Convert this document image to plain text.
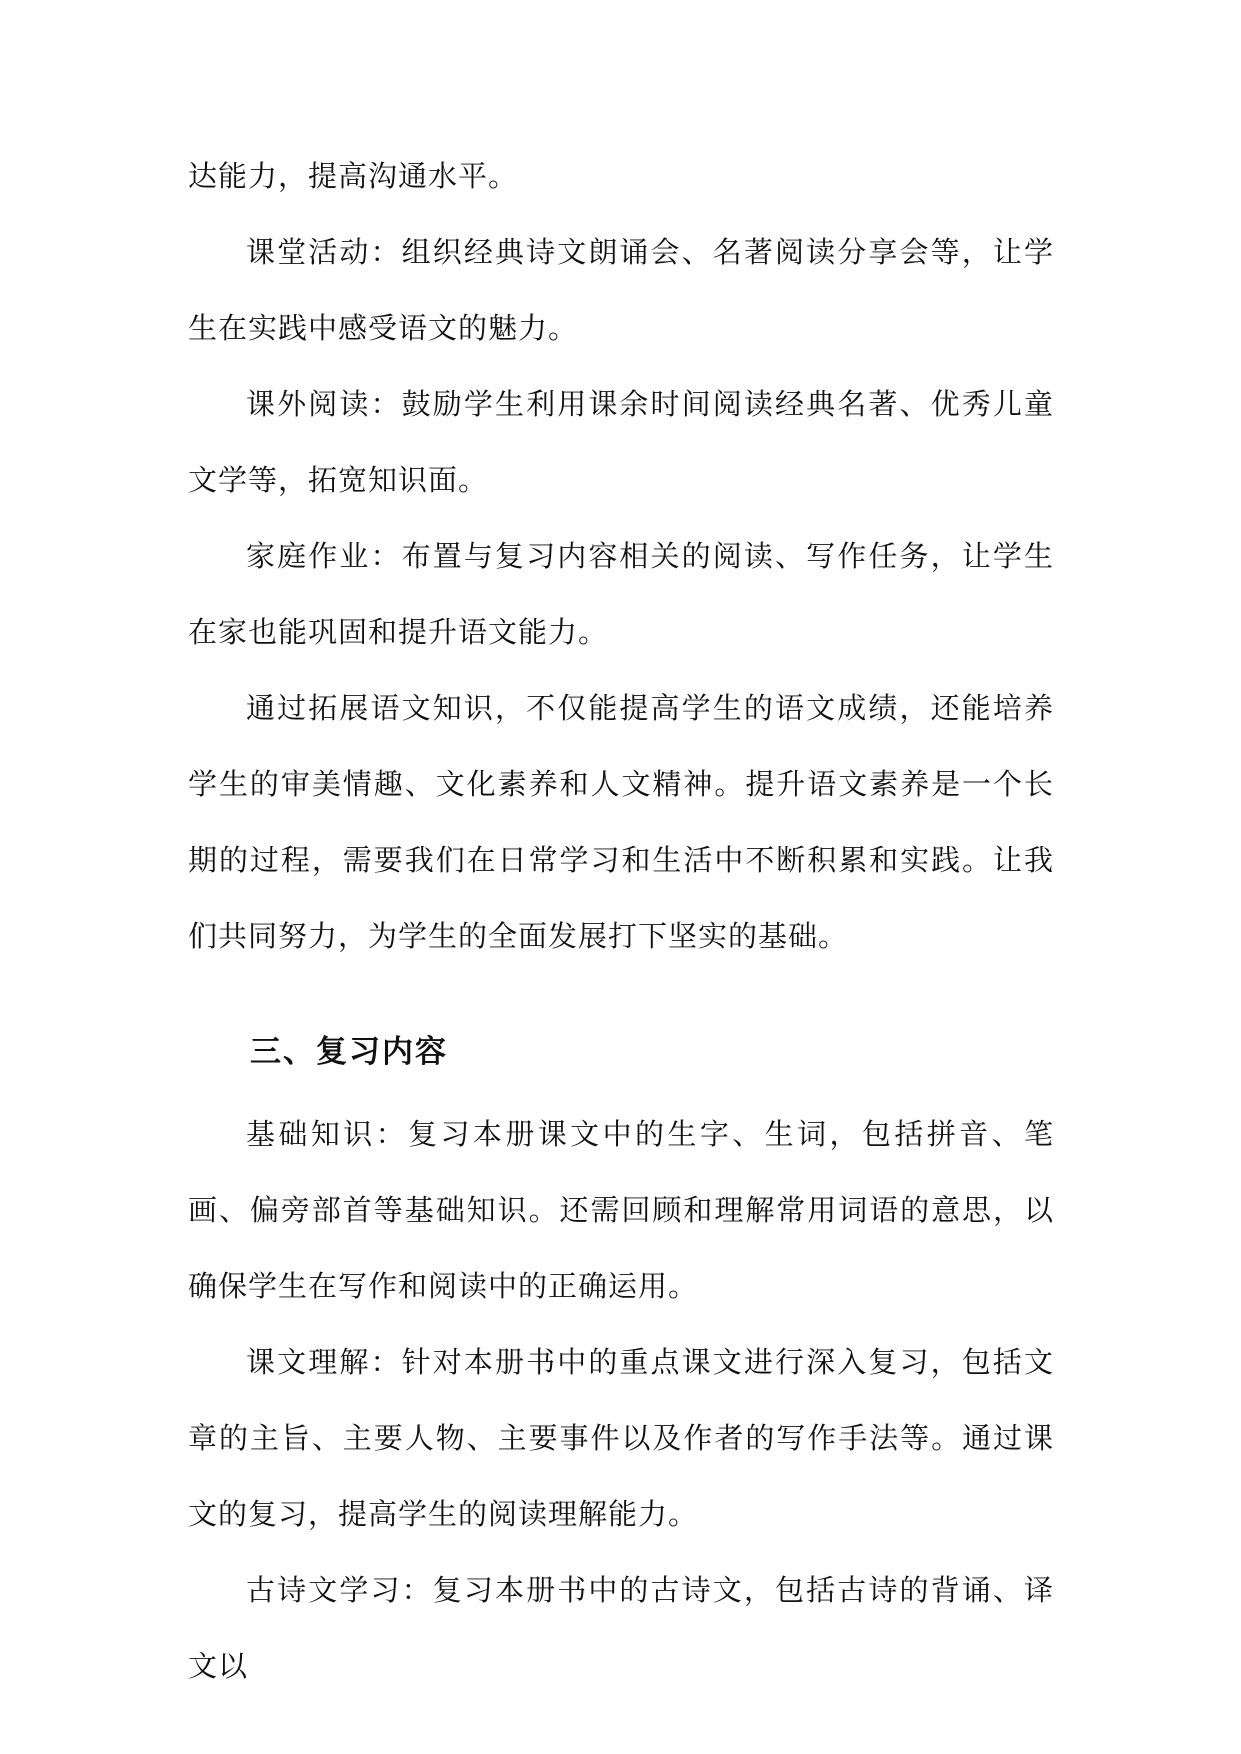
达能力，提高沟通水平。

课堂活动：组织经典诗文朗诵会、名著阅读分享会等，让学生在实践中感受语文的魅力。

课外阅读：鼓励学生利用课余时间阅读经典名著、优秀儿童文学等，拓宽知识面。

家庭作业：布置与复习内容相关的阅读、写作任务，让学生在家也能巩固和提升语文能力。

通过拓展语文知识，不仅能提高学生的语文成绩，还能培养学生的审美情趣、文化素养和人文精神。提升语文素养是一个长期的过程，需要我们在日常学习和生活中不断积累和实践。让我们共同努力，为学生的全面发展打下坚实的基础。

三、复习内容

基础知识：复习本册课文中的生字、生词，包括拼音、笔画、偏旁部首等基础知识。还需回顾和理解常用词语的意思，以确保学生在写作和阅读中的正确运用。

课文理解：针对本册书中的重点课文进行深入复习，包括文章的主旨、主要人物、主要事件以及作者的写作手法等。通过课文的复习，提高学生的阅读理解能力。

古诗文学习：复习本册书中的古诗文，包括古诗的背诵、译文以
